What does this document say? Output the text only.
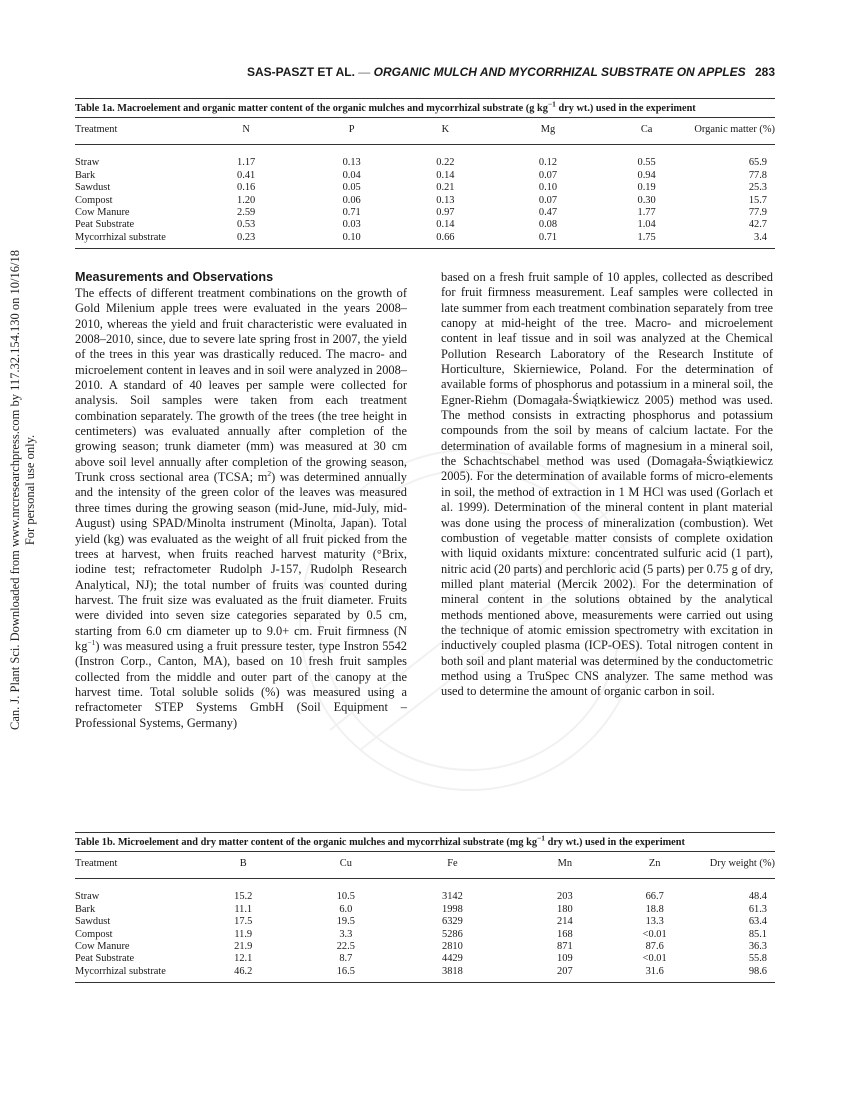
Can. J. Plant Sci. Downloaded from www.nrcresearchpress.com by 117.32.154.130 on 10/16/18 For personal use only.
SAS-PASZT ET AL. — ORGANIC MULCH AND MYCORRHIZAL SUBSTRATE ON APPLES 283
Table 1a. Macroelement and organic matter content of the organic mulches and mycorrhizal substrate (g $kg^{-1}$ dry wt.) used in the experiment
Treatment	N	P	K	Mg	Ca	Organic matter (%)
Straw	1.17	0.13	0.22	0.12	0.55	65.9
Bark	0.41	0.04	0.14	0.07	0.94	77.8
Sawdust	0.16	0.05	0.21	0.10	0.19	25.3
Compost	1.20	0.06	0.13	0.07	0.30	15.7
Cow Manure	2.59	0.71	0.97	0.47	1.77	77.9
Peat Substrate	0.53	0.03	0.14	0.08	1.04	42.7
Mycorrhizal substrate	0.23	0.10	0.66	0.71	1.75	3.4
Measurements and Observations

The effects of different treatment combinations on the growth of Gold Milenium apple trees were evaluated in the years 2008–2010, whereas the yield and fruit characteristic were evaluated in 2008–2010, since, due to severe late spring frost in 2007, the yield of the trees in this year was drastically reduced. The macro- and microelement content in leaves and in soil were analyzed in 2008–2010. A standard of 40 leaves per sample were collected for analysis. Soil samples were taken from each treatment combination separately. The growth of the trees (the tree height in centimeters) was evaluated annually after completion of the growing season; trunk diameter (mm) was measured at 30 cm above soil level annually after completion of the growing season, Trunk cross sectional area (TCSA; $m^2$) was determined annually and the intensity of the green color of the leaves was measured three times during the growing season (mid-June, mid-July, mid-August) using SPAD/Minolta instrument (Minolta, Japan). Total yield (kg) was evaluated as the weight of all fruit picked from the trees at harvest, when fruits reached harvest maturity (°Brix, iodine test; refractometer Rudolph J-157, Rudolph Research Analytical, NJ); the total number of fruits was counted during harvest. The fruit size was evaluated as the fruit diameter. Fruits were divided into seven size categories separated by 0.5 cm, starting from 6.0 cm diameter up to 9.0+ cm. Fruit firmness (N $kg^{-1}$) was measured using a fruit pressure tester, type Instron 5542 (Instron Corp., Canton, MA), based on 10 fresh fruit samples collected from the middle and outer part of the canopy at the harvest time. Total soluble solids (%) was measured using a refractometer STEP Systems GmbH (Soil Equipment – Professional Systems, Germany)

based on a fresh fruit sample of 10 apples, collected as described for fruit firmness measurement. Leaf samples were collected in late summer from each treatment combination separately from tree canopy at mid-height of the tree. Macro- and microelement content in leaf tissue and in soil was analyzed at the Chemical Pollution Research Laboratory of the Research Institute of Horticulture, Skierniewice, Poland. For the determination of available forms of phosphorus and potassium in a mineral soil, the Egner-Riehm (Domagała-Świątkiewicz 2005) method was used. The method consists in extracting phosphorus and potassium compounds from the soil by means of calcium lactate. For the determination of available forms of magnesium in a mineral soil, the Schachtschabel method was used (Domagała-Świątkiewicz 2005). For the determination of available forms of micro-elements in soil, the method of extraction in 1 M HCl was used (Gorlach et al. 1999). Determination of the mineral content in plant material was done using the process of mineralization (combustion). Wet combustion of vegetable matter consists of complete oxidation with liquid oxidants mixture: concentrated sulfuric acid (1 part), nitric acid (20 parts) and perchloric acid (5 parts) per 0.75 g of dry, milled plant material (Mercik 2002). For the determination of mineral content in the solutions obtained by the analytical methods mentioned above, measurements were carried out using the technique of atomic emission spectrometry with excitation in inductively coupled plasma (ICP-OES). Total nitrogen content in both soil and plant material was determined by the conductometric method using a TruSpec CNS analyzer. The same method was used to determine the amount of organic carbon in soil.

Table 1b. Microelement and dry matter content of the organic mulches and mycorrhizal substrate (mg $kg^{-1}$ dry wt.) used in the experiment
Treatment	B	Cu	Fe	Mn	Zn	Dry weight (%)
Straw	15.2	10.5	3142	203	66.7	48.4
Bark	11.1	6.0	1998	180	18.8	61.3
Sawdust	17.5	19.5	6329	214	13.3	63.4
Compost	11.9	3.3	5286	168	<0.01	85.1
Cow Manure	21.9	22.5	2810	871	87.6	36.3
Peat Substrate	12.1	8.7	4429	109	<0.01	55.8
Mycorrhizal substrate	46.2	16.5	3818	207	31.6	98.6
